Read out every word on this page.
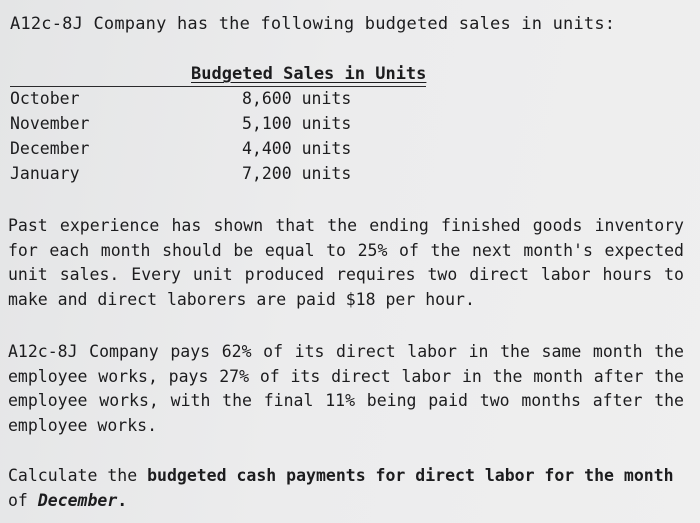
A12c-8J Company has the following budgeted sales in units:
Budgeted Sales in Units
October	8,600 units
November	5,100 units
December	4,400 units
January	7,200 units
Past experience has shown that the ending finished goods inventory for each month should be equal to 25% of the next month's expected unit sales. Every unit produced requires two direct labor hours to make and direct laborers are paid $18 per hour.
A12c-8J Company pays 62% of its direct labor in the same month the employee works, pays 27% of its direct labor in the month after the employee works, with the final 11% being paid two months after the employee works.
Calculate the budgeted cash payments for direct labor for the month of December.
